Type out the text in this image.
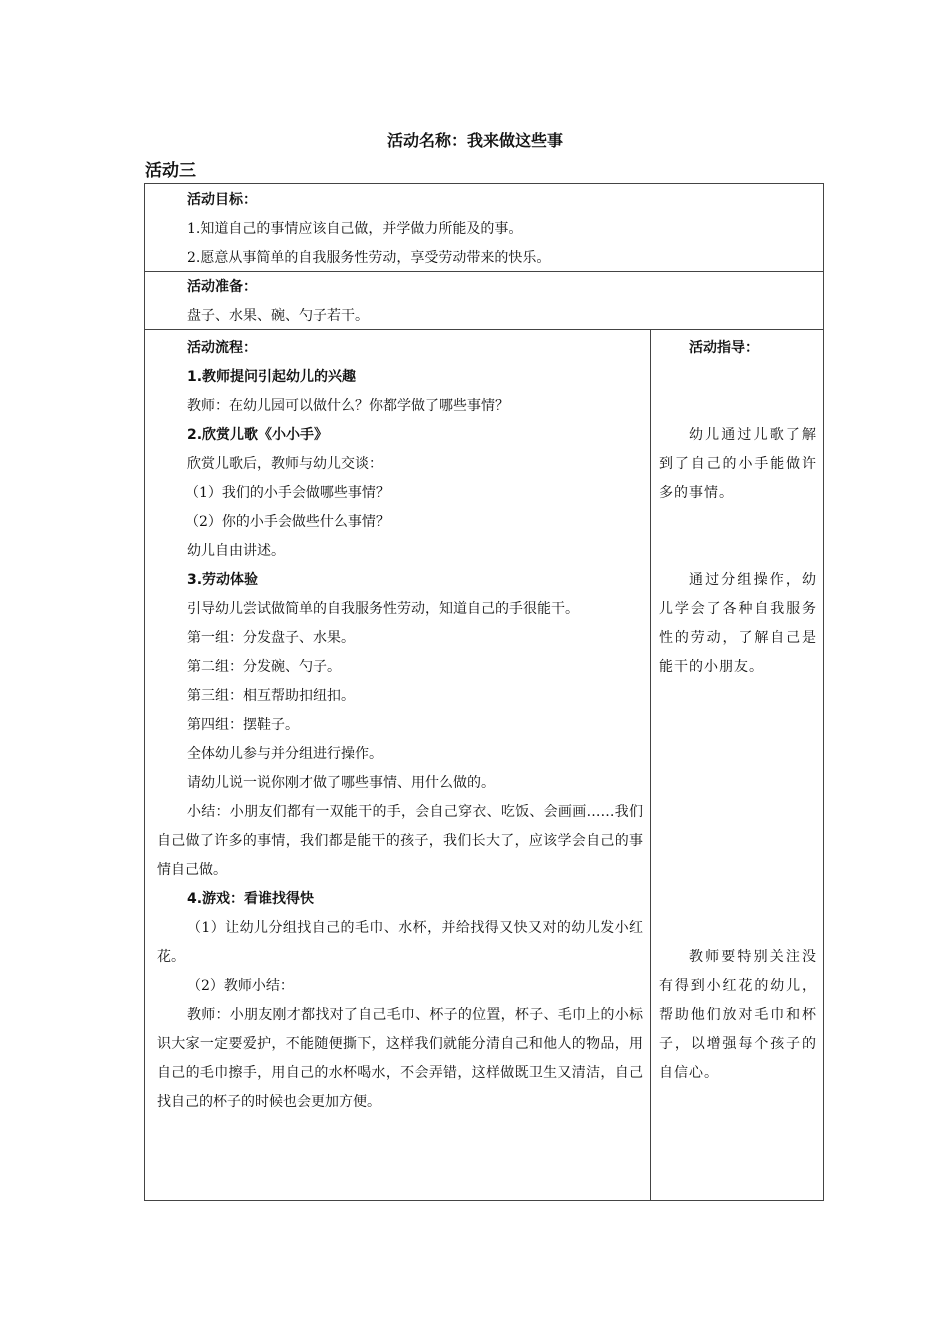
活动名称：我来做这些事
活动三
活动目标：
1.知道自己的事情应该自己做，并学做力所能及的事。
2.愿意从事简单的自我服务性劳动，享受劳动带来的快乐。
活动准备：
盘子、水果、碗、勺子若干。
活动流程：
1.教师提问引起幼儿的兴趣
教师：在幼儿园可以做什么？你都学做了哪些事情？
2.欣赏儿歌《小小手》
欣赏儿歌后，教师与幼儿交谈：
（1）我们的小手会做哪些事情？
（2）你的小手会做些什么事情？
幼儿自由讲述。
3.劳动体验
引导幼儿尝试做简单的自我服务性劳动，知道自己的手很能干。
第一组：分发盘子、水果。
第二组：分发碗、勺子。
第三组：相互帮助扣纽扣。
第四组：摆鞋子。
全体幼儿参与并分组进行操作。
请幼儿说一说你刚才做了哪些事情、用什么做的。
小结：小朋友们都有一双能干的手，会自己穿衣、吃饭、会画画……我们自己做了许多的事情，我们都是能干的孩子，我们长大了，应该学会自己的事情自己做。
4.游戏：看谁找得快
（1）让幼儿分组找自己的毛巾、水杯，并给找得又快又对的幼儿发小红花。
（2）教师小结：
教师：小朋友刚才都找对了自己毛巾、杯子的位置，杯子、毛巾上的小标识大家一定要爱护，不能随便撕下，这样我们就能分清自己和他人的物品，用自己的毛巾擦手，用自己的水杯喝水，不会弄错，这样做既卫生又清洁，自己找自己的杯子的时候也会更加方便。
活动指导：
幼儿通过儿歌了解到了自己的小手能做许多的事情。
通过分组操作，幼儿学会了各种自我服务性的劳动，了解自己是能干的小朋友。
教师要特别关注没有得到小红花的幼儿，帮助他们放对毛巾和杯子，以增强每个孩子的自信心。
